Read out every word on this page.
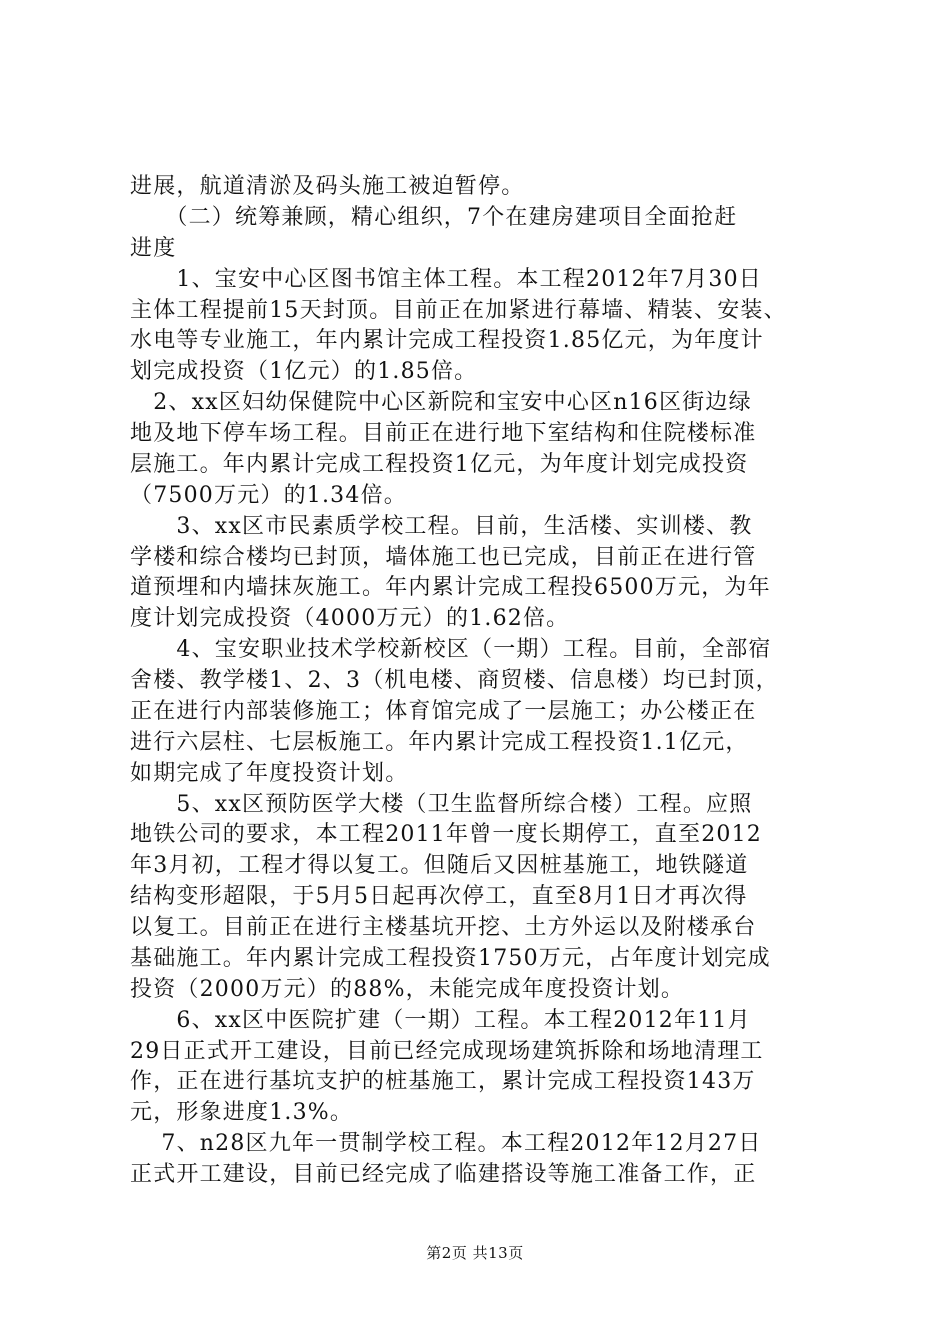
进展，航道清淤及码头施工被迫暂停。
　　（二）统筹兼顾，精心组织，7个在建房建项目全面抢赶
进度
　　1、宝安中心区图书馆主体工程。本工程2012年7月30日
主体工程提前15天封顶。目前正在加紧进行幕墙、精装、安装、
水电等专业施工，年内累计完成工程投资1.85亿元，为年度计
划完成投资（1亿元）的1.85倍。
　2、xx区妇幼保健院中心区新院和宝安中心区n16区街边绿
地及地下停车场工程。目前正在进行地下室结构和住院楼标准
层施工。年内累计完成工程投资1亿元，为年度计划完成投资
（7500万元）的1.34倍。
　　3、xx区市民素质学校工程。目前，生活楼、实训楼、教
学楼和综合楼均已封顶，墙体施工也已完成，目前正在进行管
道预埋和内墙抹灰施工。年内累计完成工程投6500万元，为年
度计划完成投资（4000万元）的1.62倍。
　　4、宝安职业技术学校新校区（一期）工程。目前，全部宿
舍楼、教学楼1、2、3（机电楼、商贸楼、信息楼）均已封顶，
正在进行内部装修施工；体育馆完成了一层施工；办公楼正在
进行六层柱、七层板施工。年内累计完成工程投资1.1亿元，
如期完成了年度投资计划。
　　5、xx区预防医学大楼（卫生监督所综合楼）工程。应照
地铁公司的要求，本工程2011年曾一度长期停工，直至2012
年3月初，工程才得以复工。但随后又因桩基施工，地铁隧道
结构变形超限，于5月5日起再次停工，直至8月1日才再次得
以复工。目前正在进行主楼基坑开挖、土方外运以及附楼承台
基础施工。年内累计完成工程投资1750万元，占年度计划完成
投资（2000万元）的88%，未能完成年度投资计划。
　　6、xx区中医院扩建（一期）工程。本工程2012年11月
29日正式开工建设，目前已经完成现场建筑拆除和场地清理工
作，正在进行基坑支护的桩基施工，累计完成工程投资143万
元，形象进度1.3%。
第2页 共13页
　 7、n28区九年一贯制学校工程。本工程2012年12月27日
正式开工建设，目前已经完成了临建搭设等施工准备工作，正
